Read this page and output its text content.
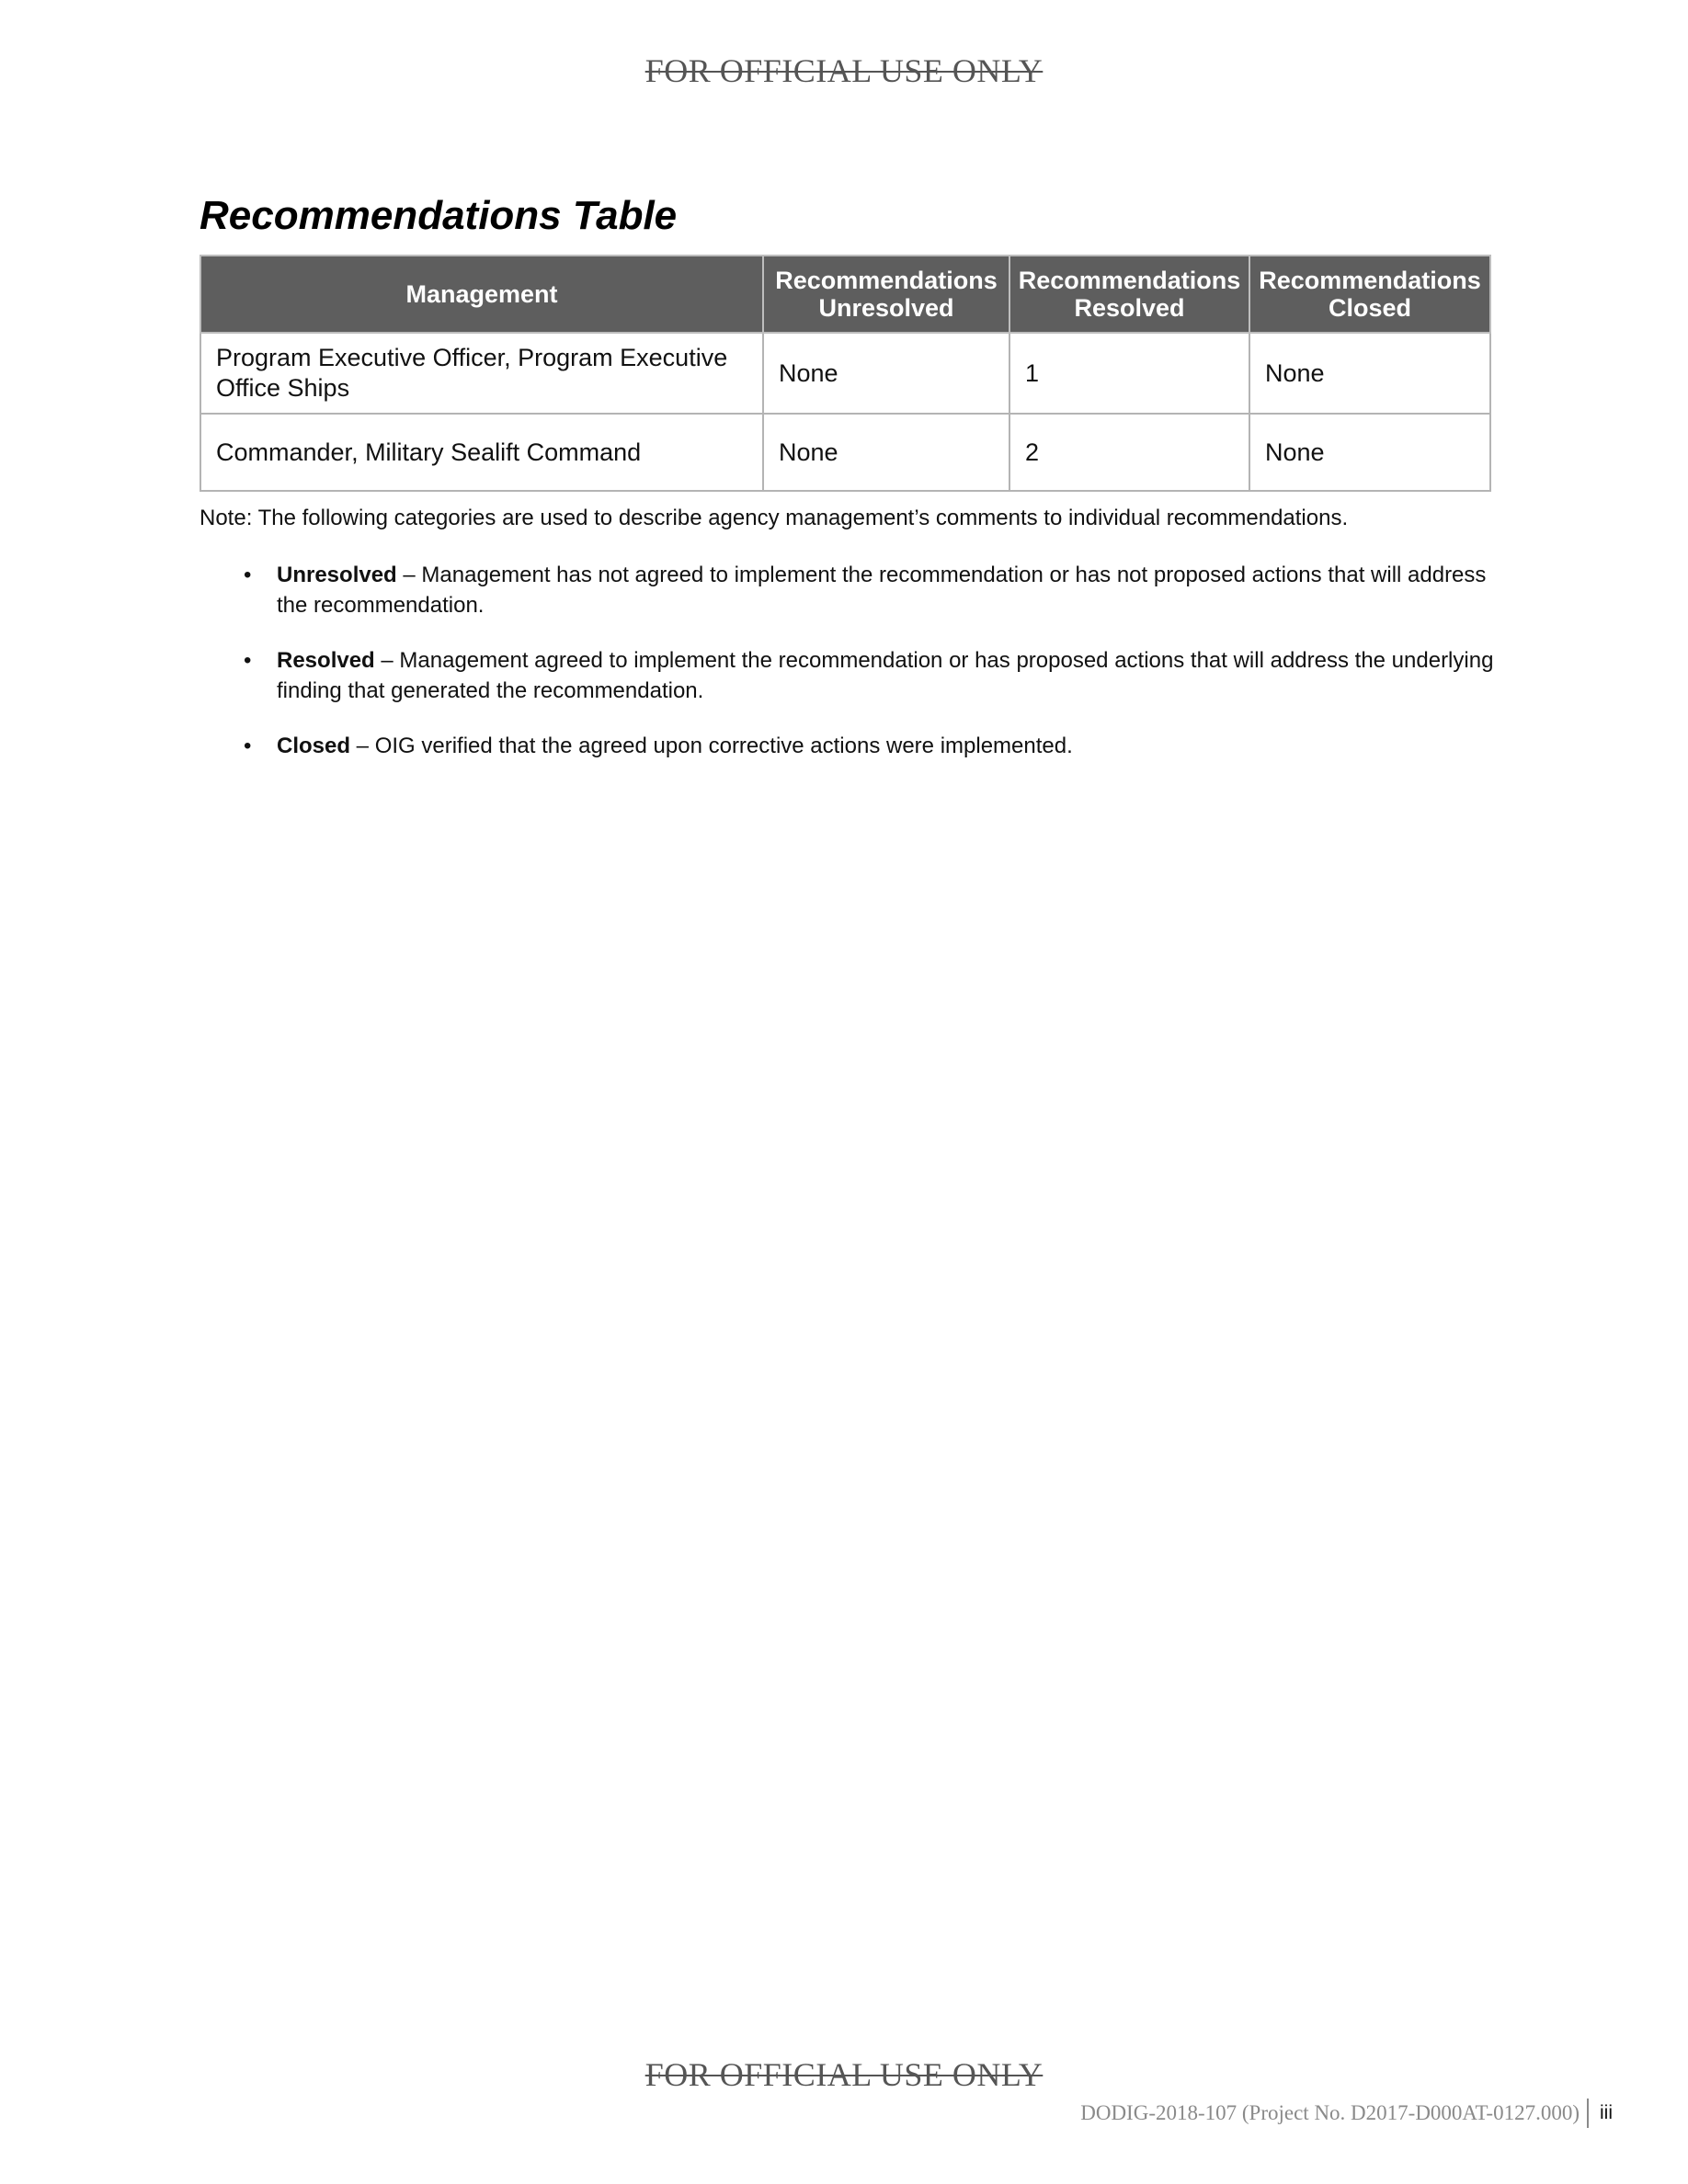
FOR OFFICIAL USE ONLY
Recommendations Table
Management	Recommendations Unresolved	Recommendations Resolved	Recommendations Closed
Program Executive Officer, Program Executive Office Ships	None	1	None
Commander, Military Sealift Command	None	2	None

Note: The following categories are used to describe agency management’s comments to individual recommendations.

• Unresolved – Management has not agreed to implement the recommendation or has not proposed actions that will address the recommendation.
• Resolved – Management agreed to implement the recommendation or has proposed actions that will address the underlying finding that generated the recommendation.
• Closed – OIG verified that the agreed upon corrective actions were implemented.
FOR OFFICIAL USE ONLY
DODIG-2018-107 (Project No. D2017-D000AT-0127.000)	iii
